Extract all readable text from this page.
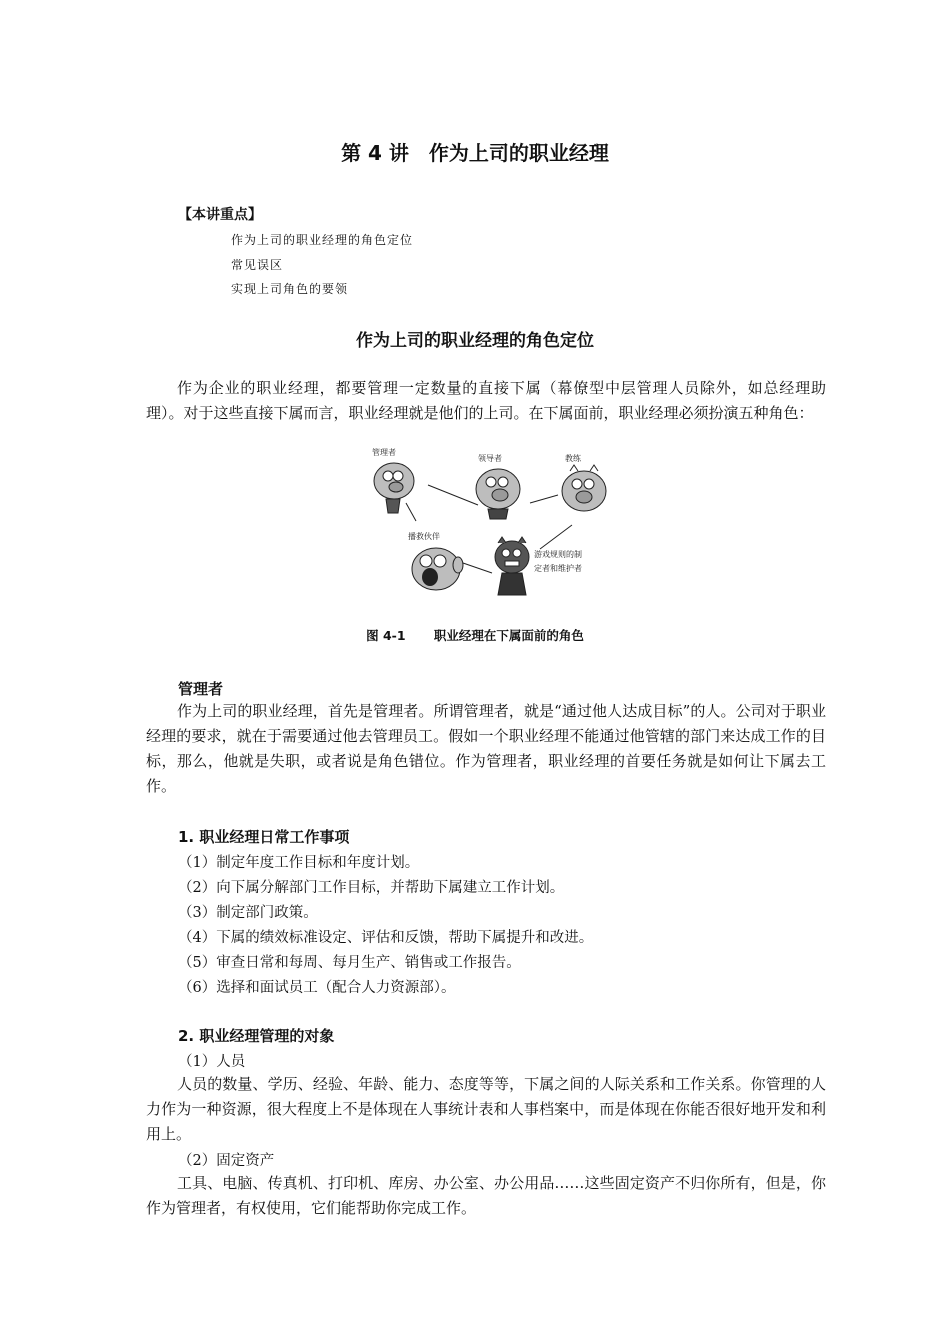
第 4 讲　作为上司的职业经理
【本讲重点】
作为上司的职业经理的角色定位
常见误区
实现上司角色的要领
作为上司的职业经理的角色定位

作为企业的职业经理，都要管理一定数量的直接下属（幕僚型中层管理人员除外，如总经理助理）。对于这些直接下属而言，职业经理就是他们的上司。在下属面前，职业经理必须扮演五种角色：

管理者
领导者	教练
播救伙伴
游戏规则的制
定者和维护者
图 4-1 职业经理在下属面前的角色
管理者

作为上司的职业经理，首先是管理者。所谓管理者，就是“通过他人达成目标”的人。公司对于职业经理的要求，就在于需要通过他去管理员工。假如一个职业经理不能通过他管辖的部门来达成工作的目标，那么，他就是失职，或者说是角色错位。作为管理者，职业经理的首要任务就是如何让下属去工作。

1. 职业经理日常工作事项
（1）制定年度工作目标和年度计划。
（2）向下属分解部门工作目标，并帮助下属建立工作计划。
（3）制定部门政策。
（4）下属的绩效标准设定、评估和反馈，帮助下属提升和改进。
（5）审查日常和每周、每月生产、销售或工作报告。
（6）选择和面试员工（配合人力资源部）。
2. 职业经理管理的对象
（1）人员

人员的数量、学历、经验、年龄、能力、态度等等，下属之间的人际关系和工作关系。你管理的人力作为一种资源，很大程度上不是体现在人事统计表和人事档案中，而是体现在你能否很好地开发和利用上。

（2）固定资产

工具、电脑、传真机、打印机、库房、办公室、办公用品……这些固定资产不归你所有，但是，你作为管理者，有权使用，它们能帮助你完成工作。
